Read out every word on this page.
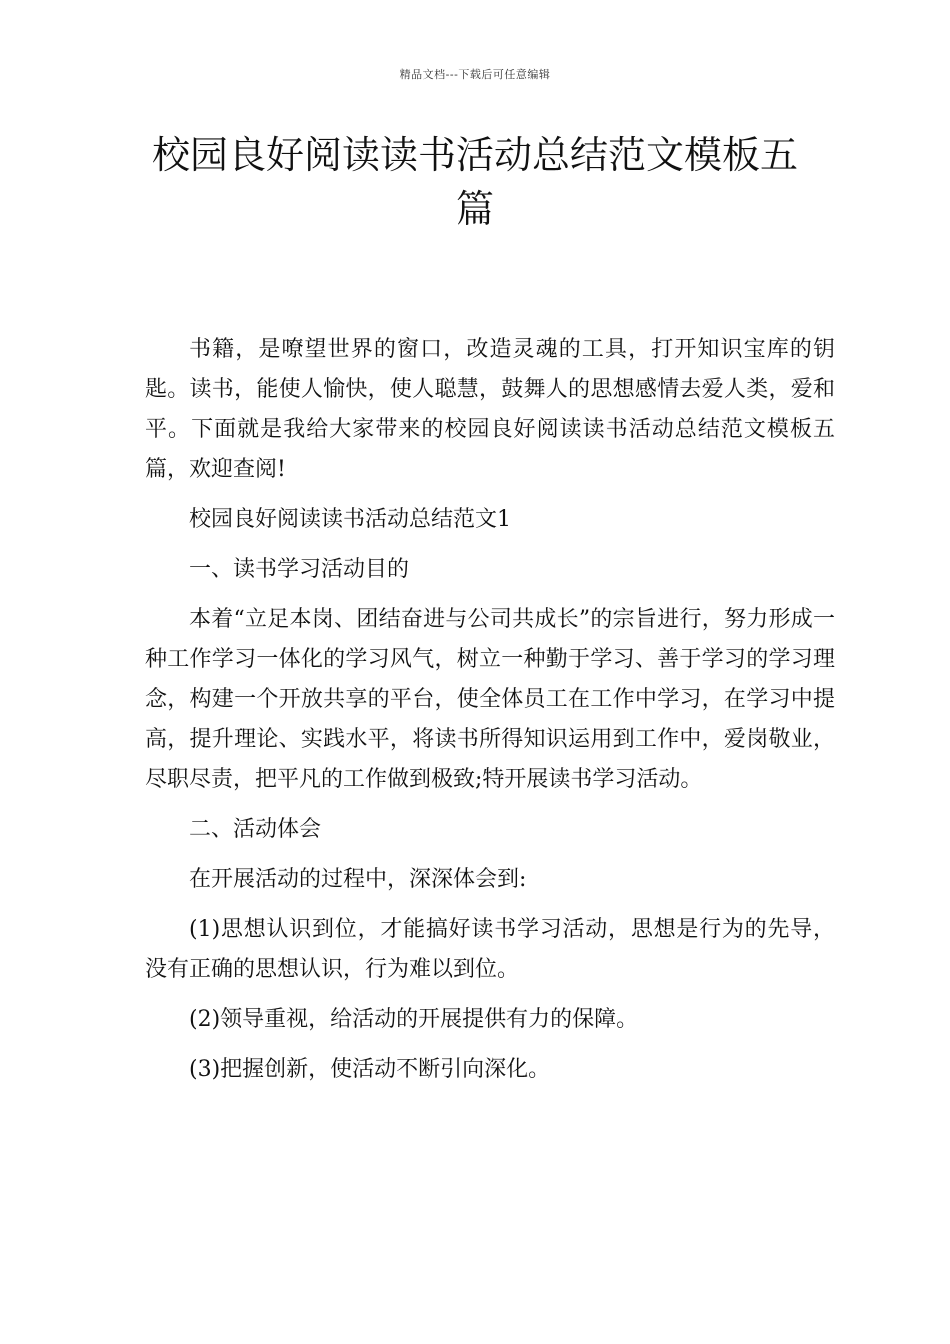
精品文档---下载后可任意编辑
校园良好阅读读书活动总结范文模板五篇

书籍，是嘹望世界的窗口，改造灵魂的工具，打开知识宝库的钥匙。读书，能使人愉快，使人聪慧，鼓舞人的思想感情去爱人类，爱和平。下面就是我给大家带来的校园良好阅读读书活动总结范文模板五篇，欢迎查阅!

校园良好阅读读书活动总结范文1

一、读书学习活动目的

本着“立足本岗、团结奋进与公司共成长”的宗旨进行，努力形成一种工作学习一体化的学习风气，树立一种勤于学习、善于学习的学习理念，构建一个开放共享的平台，使全体员工在工作中学习，在学习中提高，提升理论、实践水平，将读书所得知识运用到工作中，爱岗敬业，尽职尽责，把平凡的工作做到极致;特开展读书学习活动。

二、活动体会

在开展活动的过程中，深深体会到:

(1)思想认识到位，才能搞好读书学习活动，思想是行为的先导，没有正确的思想认识，行为难以到位。

(2)领导重视，给活动的开展提供有力的保障。

(3)把握创新，使活动不断引向深化。
